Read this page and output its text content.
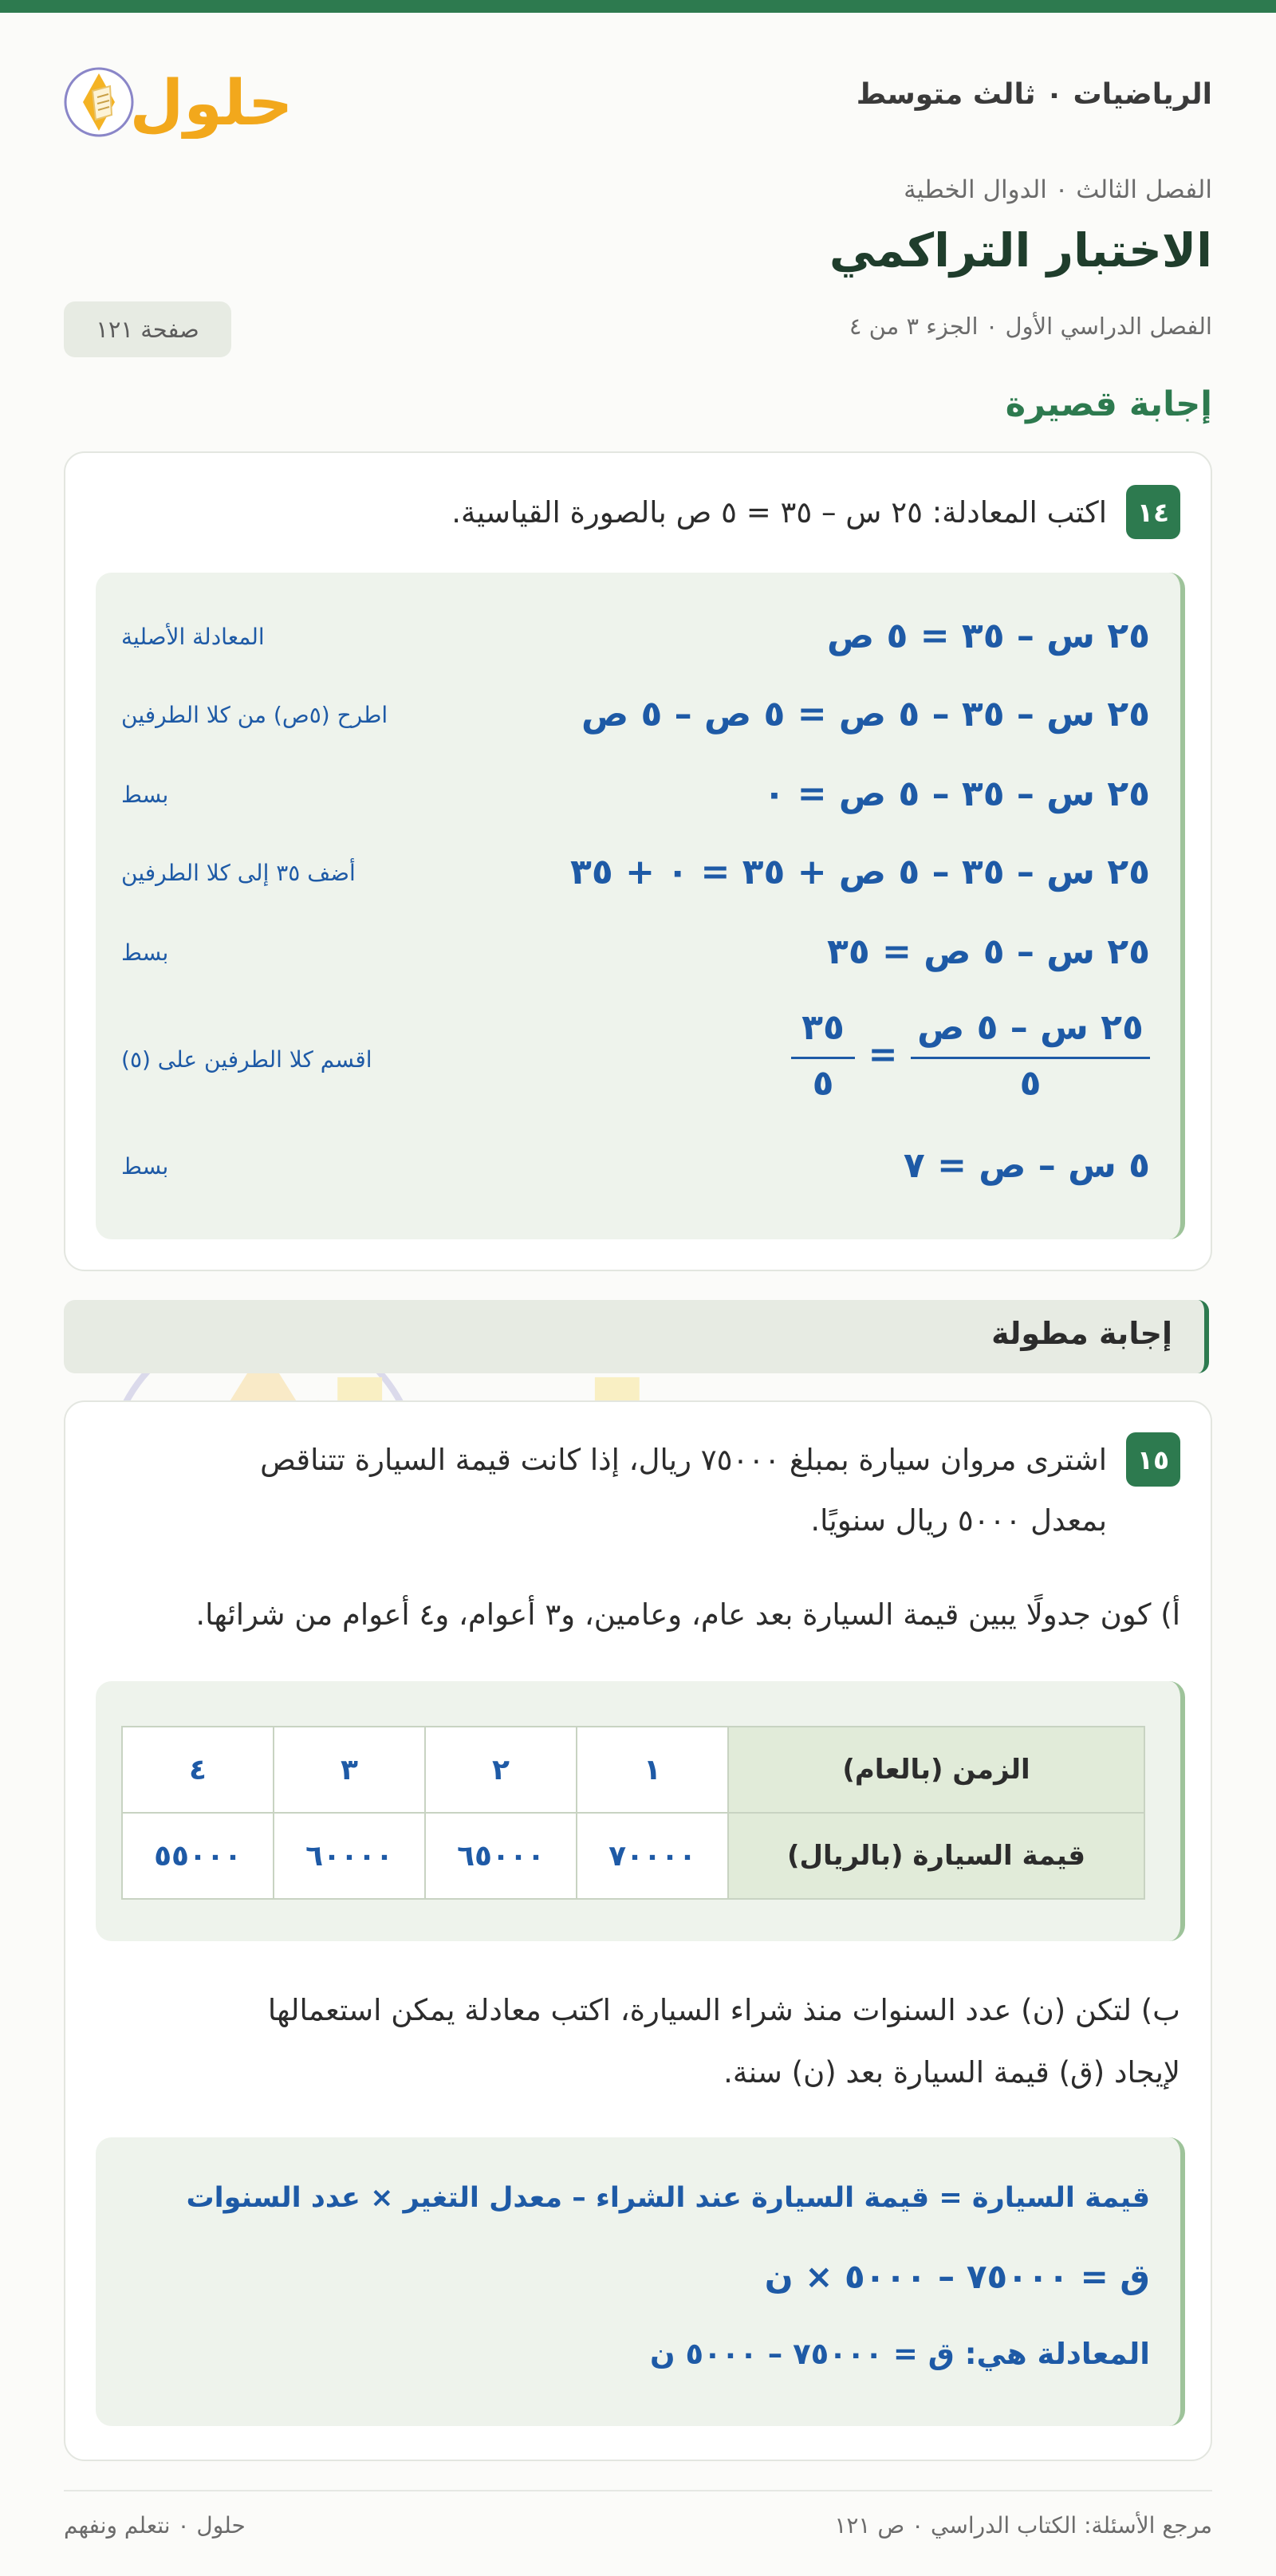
الرياضيات ٠ ثالث متوسط
حلول
الفصل الثالث ٠ الدوال الخطية
الاختبار التراكمي
الفصل الدراسي الأول ٠ الجزء ٣ من ٤
صفحة ١٢١
إجابة قصيرة
١٤
اكتب المعادلة: ٢٥ س – ٣٥ = ٥ ص بالصورة القياسية.
٢٥ س – ٣٥ = ٥ ص
المعادلة الأصلية
٢٥ س – ٣٥ – ٥ ص = ٥ ص – ٥ ص
اطرح (٥ص) من كلا الطرفين
٢٥ س – ٣٥ – ٥ ص = ٠
بسط
٢٥ س – ٣٥ – ٥ ص + ٣٥ = ٠ + ٣٥
أضف ٣٥ إلى كلا الطرفين
٢٥ س – ٥ ص = ٣٥
بسط
٢٥ س – ٥ ص
٥
=
٣٥
٥
اقسم كلا الطرفين على (٥)
٥ س – ص = ٧
بسط
إجابة مطولة
١٥
اشترى مروان سيارة بمبلغ ٧٥٠٠٠ ريال، إذا كانت قيمة السيارة تتناقص
بمعدل ٥٠٠٠ ريال سنويًا.
أ) كون جدولًا يبين قيمة السيارة بعد عام، وعامين، و٣ أعوام، و٤ أعوام من شرائها.
الزمن (بالعام)	١	٢	٣	٤
قيمة السيارة (بالريال)	٧٠٠٠٠	٦٥٠٠٠	٦٠٠٠٠	٥٥٠٠٠
ب) لتكن (ن) عدد السنوات منذ شراء السيارة، اكتب معادلة يمكن استعمالها
لإيجاد (ق) قيمة السيارة بعد (ن) سنة.
قيمة السيارة = قيمة السيارة عند الشراء – معدل التغير × عدد السنوات
ق = ٧٥٠٠٠ – ٥٠٠٠ × ن
المعادلة هي: ق = ٧٥٠٠٠ – ٥٠٠٠ ن
مرجع الأسئلة: الكتاب الدراسي ٠ ص ١٢١
حلول ٠ نتعلم ونفهم
